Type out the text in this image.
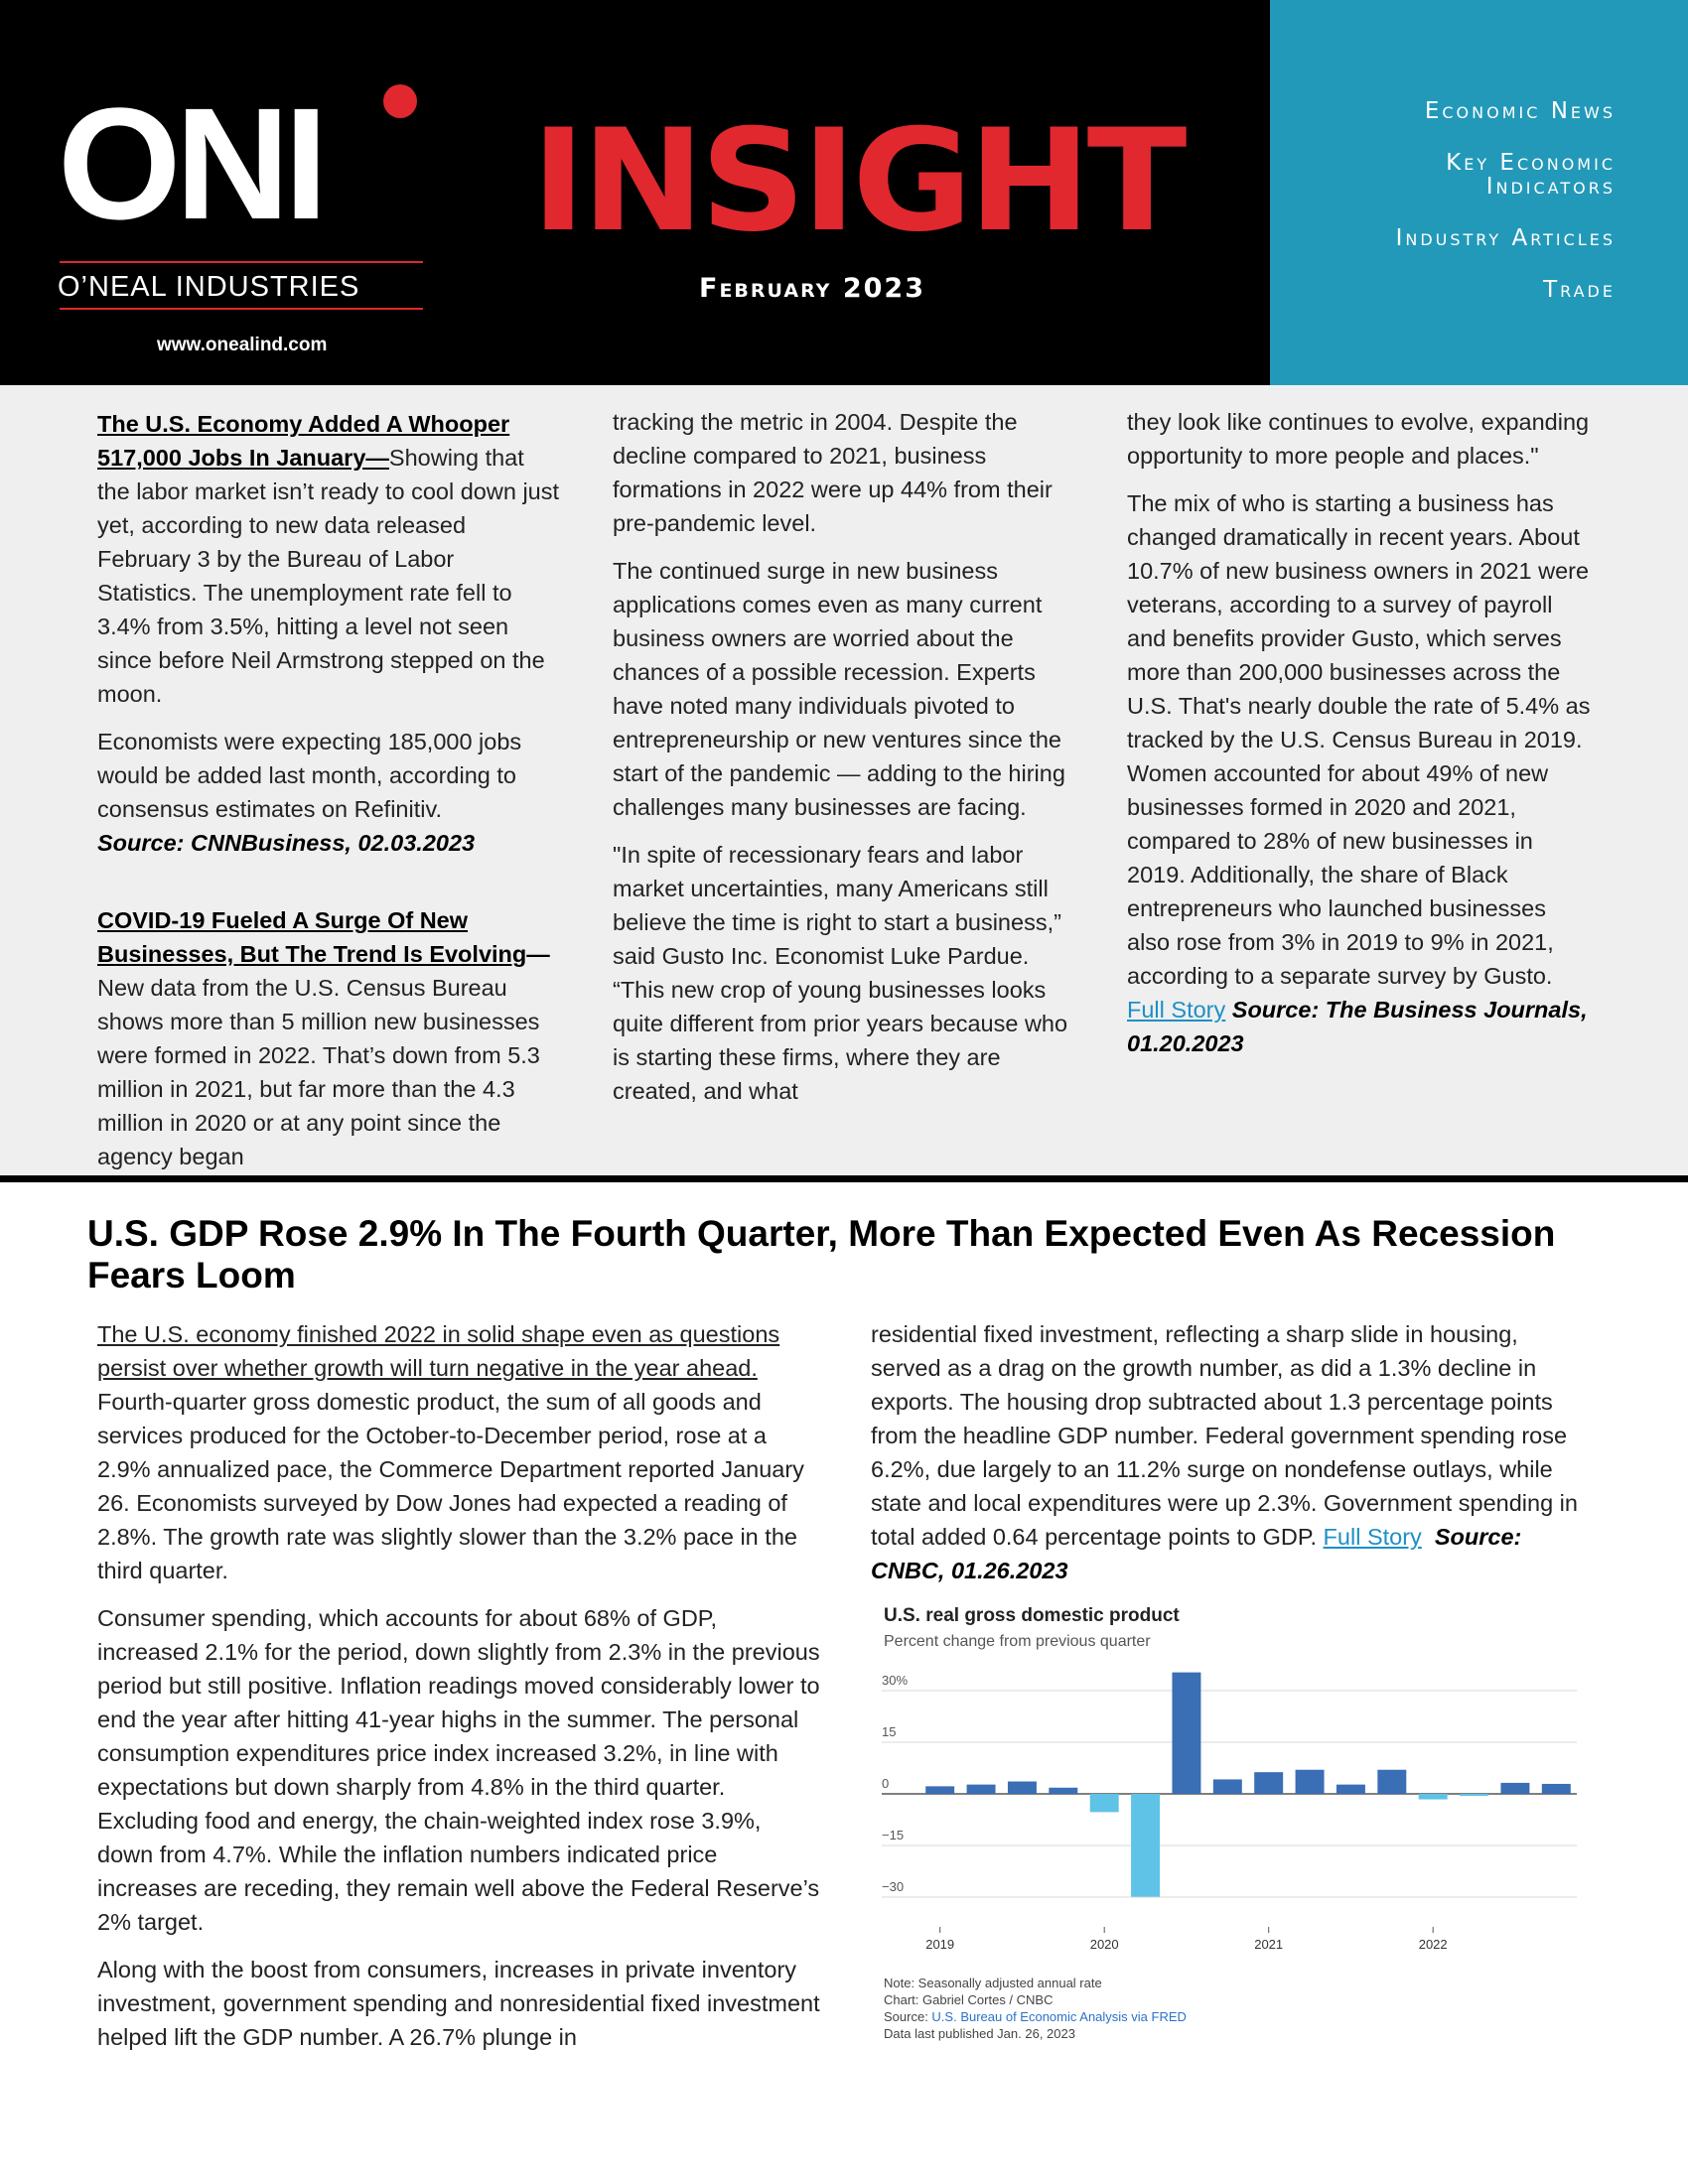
ONI
O’NEAL INDUSTRIES
www.onealind.com
INSIGHT
February 2023
Economic News
Key Economic
Indicators
Industry Articles
Trade

The U.S. Economy Added A Whooper 517,000 Jobs In January—Showing that the labor market isn’t ready to cool down just yet, according to new data released February 3 by the Bureau of Labor Statistics. The unemployment rate fell to 3.4% from 3.5%, hitting a level not seen since before Neil Armstrong stepped on the moon.

Economists were expecting 185,000 jobs would be added last month, according to consensus estimates on Refinitiv.
Source: CNNBusiness, 02.03.2023

COVID-19 Fueled A Surge Of New Businesses, But The Trend Is Evolving— New data from the U.S. Census Bureau shows more than 5 million new businesses were formed in 2022. That’s down from 5.3 million in 2021, but far more than the 4.3 million in 2020 or at any point since the agency began

tracking the metric in 2004. Despite the decline compared to 2021, business formations in 2022 were up 44% from their pre-pandemic level.

The continued surge in new business applications comes even as many current business owners are worried about the chances of a possible recession. Experts have noted many individuals pivoted to entrepreneurship or new ventures since the start of the pandemic — adding to the hiring challenges many businesses are facing.

"In spite of recessionary fears and labor market uncertainties, many Americans still believe the time is right to start a business,” said Gusto Inc. Economist Luke Pardue. “This new crop of young businesses looks quite different from prior years because who is starting these firms, where they are created, and what

they look like continues to evolve, expanding opportunity to more people and places."

The mix of who is starting a business has changed dramatically in recent years. About 10.7% of new business owners in 2021 were veterans, according to a survey of payroll and benefits provider Gusto, which serves more than 200,000 businesses across the U.S. That's nearly double the rate of 5.4% as tracked by the U.S. Census Bureau in 2019. Women accounted for about 49% of new businesses formed in 2020 and 2021, compared to 28% of new businesses in 2019. Additionally, the share of Black entrepreneurs who launched businesses also rose from 3% in 2019 to 9% in 2021, according to a separate survey by Gusto.
Full Story Source: The Business Journals, 01.20.2023

U.S. GDP Rose 2.9% In The Fourth Quarter, More Than Expected Even As Recession Fears Loom

The U.S. economy finished 2022 in solid shape even as questions persist over whether growth will turn negative in the year ahead. Fourth-quarter gross domestic product, the sum of all goods and services produced for the October-to-December period, rose at a 2.9% annualized pace, the Commerce Department reported January 26. Economists surveyed by Dow Jones had expected a reading of 2.8%. The growth rate was slightly slower than the 3.2% pace in the third quarter.

Consumer spending, which accounts for about 68% of GDP, increased 2.1% for the period, down slightly from 2.3% in the previous period but still positive. Inflation readings moved considerably lower to end the year after hitting 41-year highs in the summer. The personal consumption expenditures price index increased 3.2%, in line with expectations but down sharply from 4.8% in the third quarter. Excluding food and energy, the chain-weighted index rose 3.9%, down from 4.7%. While the inflation numbers indicated price increases are receding, they remain well above the Federal Reserve’s 2% target.

Along with the boost from consumers, increases in private inventory investment, government spending and nonresidential fixed investment helped lift the GDP number. A 26.7% plunge in

residential fixed investment, reflecting a sharp slide in housing, served as a drag on the growth number, as did a 1.3% decline in exports. The housing drop subtracted about 1.3 percentage points from the headline GDP number. Federal government spending rose 6.2%, due largely to an 11.2% surge on nondefense outlays, while state and local expenditures were up 2.3%. Government spending in total added 0.64 percentage points to GDP. Full Story Source: CNBC, 01.26.2023

U.S. real gross domestic product
Percent change from previous quarter
30%
15
0
−15
−30
2019	2020	2021	2022
Note: Seasonally adjusted annual rate
Chart: Gabriel Cortes / CNBC
Source: U.S. Bureau of Economic Analysis via FRED
Data last published Jan. 26, 2023
